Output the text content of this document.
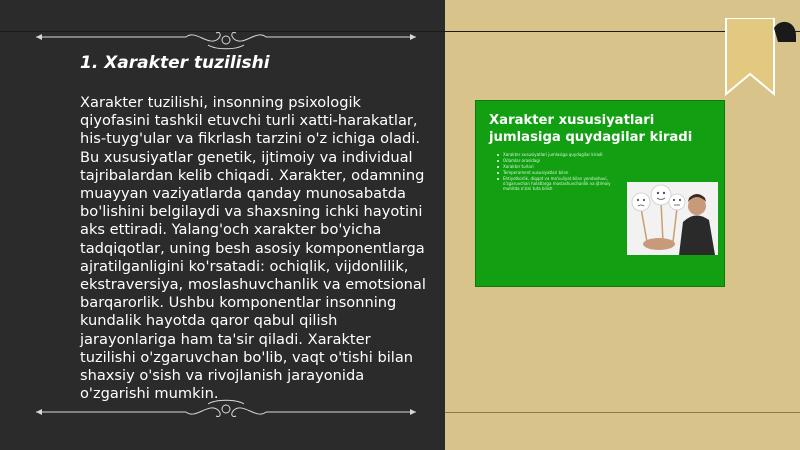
1. Xarakter tuzilishi

Xarakter tuzilishi, insonning psixologik qiyofasini tashkil etuvchi turli xatti-harakatlar, his-tuyg'ular va fikrlash tarzini o'z ichiga oladi. Bu xususiyatlar genetik, ijtimoiy va individual tajribalardan kelib chiqadi. Xarakter, odamning muayyan vaziyatlarda qanday munosabatda bo'lishini belgilaydi va shaxsning ichki hayotini aks ettiradi. Yalang'och xarakter bo'yicha tadqiqotlar, uning besh asosiy komponentlarga ajratilganligini ko'rsatadi: ochiqlik, vijdonlilik, ekstraversiya, moslashuvchanlik va emotsional barqarorlik. Ushbu komponentlar insonning kundalik hayotda qaror qabul qilish jarayonlariga ham ta'sir qiladi. Xarakter tuzilishi o'zgaruvchan bo'lib, vaqt o'tishi bilan shaxsiy o'sish va rivojlanish jarayonida o'zgarishi mumkin.

Xarakter xususiyatlari jumlasiga quydagilar kiradi
Xarakter xususiyatlari jumlasiga quydagilar kiradi
Odamlar orasidagi
Xarakter turlari
Temperament xususiyatlari bilan
Ehtiyotkorlik, diqqat va ma'suliyat bilan yondashuvi, o'zgaruvchan holatlarga moslashuvchanlik va ijtimoiy muhitda o'zini tuta bilish
